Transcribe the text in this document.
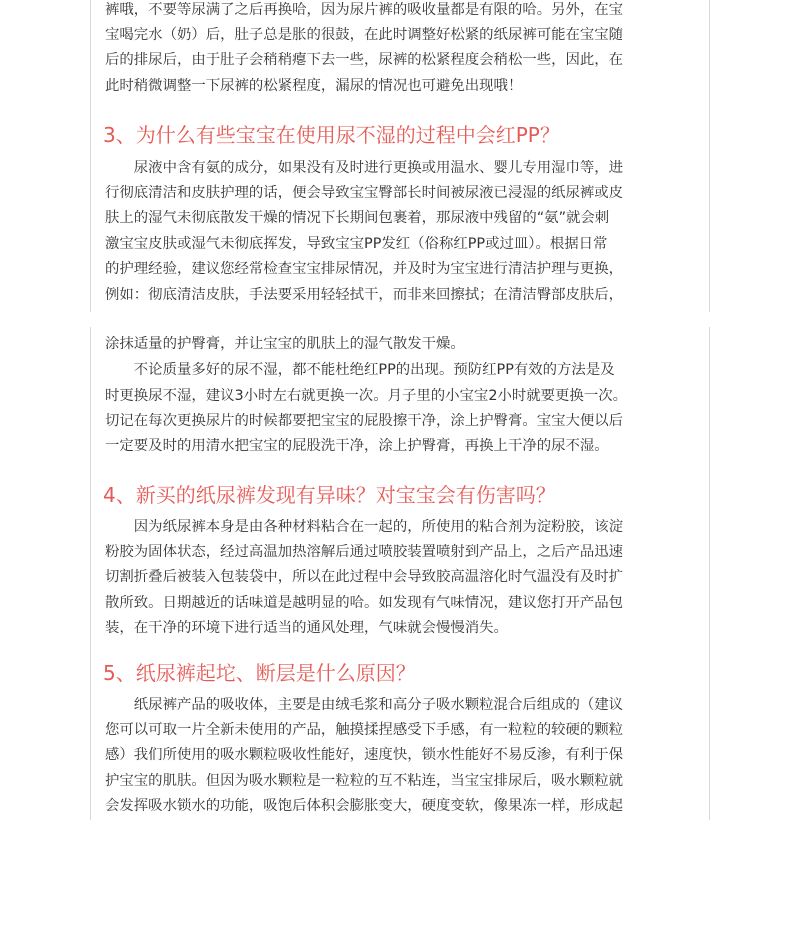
裤哦，不要等尿满了之后再换哈，因为尿片裤的吸收量都是有限的哈。另外，在宝

宝喝完水（奶）后，肚子总是胀的很鼓，在此时调整好松紧的纸尿裤可能在宝宝随

后的排尿后，由于肚子会稍稍瘪下去一些，尿裤的松紧程度会稍松一些，因此，在

此时稍微调整一下尿裤的松紧程度，漏尿的情况也可避免出现哦！

3、为什么有些宝宝在使用尿不湿的过程中会红PP？

　　尿液中含有氨的成分，如果没有及时进行更换或用温水、婴儿专用湿巾等，进

行彻底清洁和皮肤护理的话，便会导致宝宝臀部长时间被尿液已浸湿的纸尿裤或皮

肤上的湿气未彻底散发干燥的情况下长期间包裹着，那尿液中残留的“氨”就会刺

激宝宝皮肤或湿气未彻底挥发，导致宝宝PP发红（俗称红PP或过皿）。根据日常

的护理经验，建议您经常检查宝宝排尿情况，并及时为宝宝进行清洁护理与更换，

例如：彻底清洁皮肤，手法要采用轻轻拭干，而非来回擦拭；在清洁臀部皮肤后，

涂抹适量的护臀膏，并让宝宝的肌肤上的湿气散发干燥。

　　不论质量多好的尿不湿，都不能杜绝红PP的出现。预防红PP有效的方法是及

时更换尿不湿，建议3小时左右就更换一次。月子里的小宝宝2小时就要更换一次。

切记在每次更换尿片的时候都要把宝宝的屁股擦干净，涂上护臀膏。宝宝大便以后

一定要及时的用清水把宝宝的屁股洗干净，涂上护臀膏，再换上干净的尿不湿。

4、新买的纸尿裤发现有异味？对宝宝会有伤害吗？

　　因为纸尿裤本身是由各种材料粘合在一起的，所使用的粘合剂为淀粉胶，该淀

粉胶为固体状态，经过高温加热溶解后通过喷胶装置喷射到产品上，之后产品迅速

切割折叠后被装入包装袋中，所以在此过程中会导致胶高温溶化时气温没有及时扩

散所致。日期越近的话味道是越明显的哈。如发现有气味情况，建议您打开产品包

装，在干净的环境下进行适当的通风处理，气味就会慢慢消失。

5、纸尿裤起坨、断层是什么原因？

　　纸尿裤产品的吸收体，主要是由绒毛浆和高分子吸水颗粒混合后组成的（建议

您可以可取一片全新未使用的产品，触摸揉捏感受下手感，有一粒粒的较硬的颗粒

感）我们所使用的吸水颗粒吸收性能好，速度快，锁水性能好不易反渗，有利于保

护宝宝的肌肤。但因为吸水颗粒是一粒粒的互不粘连，当宝宝排尿后，吸水颗粒就

会发挥吸水锁水的功能，吸饱后体积会膨胀变大，硬度变软，像果冻一样，形成起
